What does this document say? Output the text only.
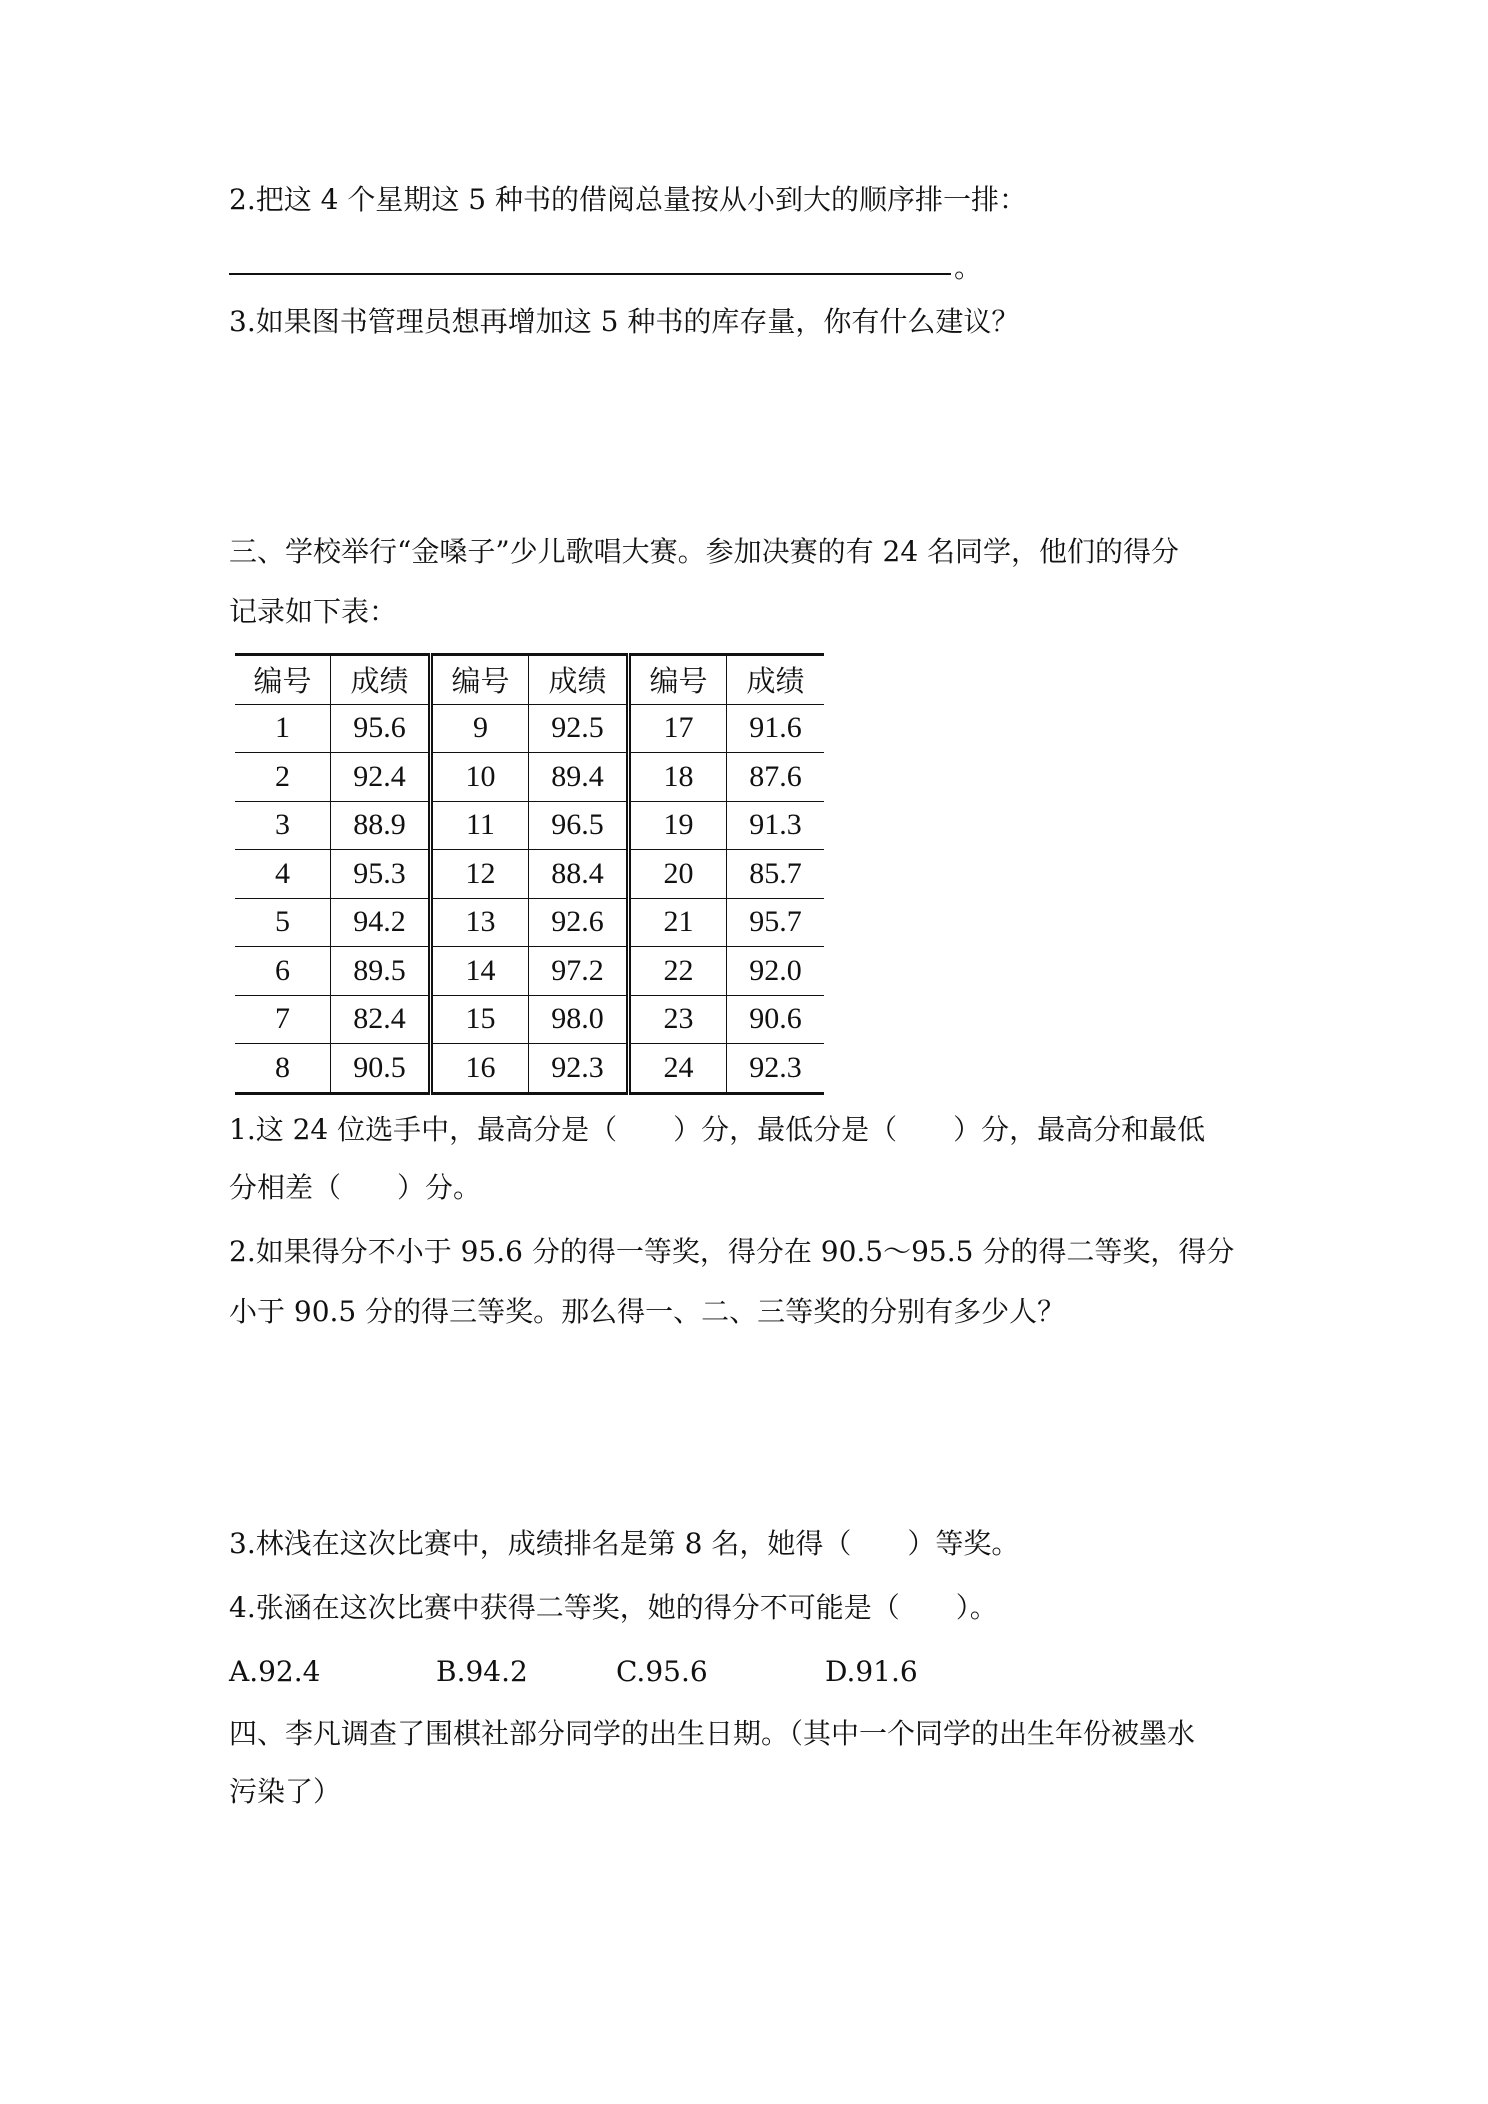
2.把这 4 个星期这 5 种书的借阅总量按从小到大的顺序排一排：
。
3.如果图书管理员想再增加这 5 种书的库存量，你有什么建议？
三、学校举行“金嗓子”少儿歌唱大赛。参加决赛的有 24 名同学，他们的得分
记录如下表：
编号	成绩	编号	成绩	编号	成绩
1	95.6	9	92.5	17	91.6
2	92.4	10	89.4	18	87.6
3	88.9	11	96.5	19	91.3
4	95.3	12	88.4	20	85.7
5	94.2	13	92.6	21	95.7
6	89.5	14	97.2	22	92.0
7	82.4	15	98.0	23	90.6
8	90.5	16	92.3	24	92.3
1.这 24 位选手中，最高分是（ ）分，最低分是（ ）分，最高分和最低
分相差（ ）分。
2.如果得分不小于 95.6 分的得一等奖，得分在 90.5～95.5 分的得二等奖，得分
小于 90.5 分的得三等奖。那么得一、二、三等奖的分别有多少人？
3.林浅在这次比赛中，成绩排名是第 8 名，她得（ ）等奖。
4.张涵在这次比赛中获得二等奖，她的得分不可能是（ ）。
A.92.4	B.94.2	C.95.6	D.91.6
四、李凡调查了围棋社部分同学的出生日期。（其中一个同学的出生年份被墨水
污染了）
